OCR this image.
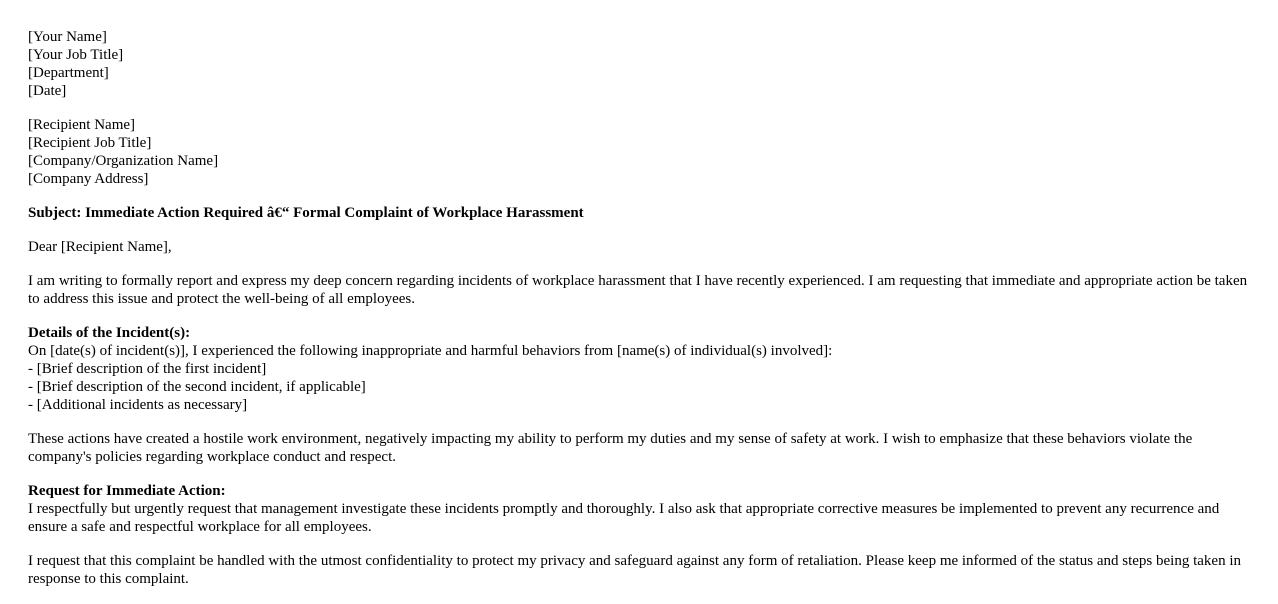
[Your Name]
[Your Job Title]
[Department]
[Date]
[Recipient Name]
[Recipient Job Title]
[Company/Organization Name]
[Company Address]
Subject: Immediate Action Required â€“ Formal Complaint of Workplace Harassment
Dear [Recipient Name],
I am writing to formally report and express my deep concern regarding incidents of workplace harassment that I have recently experienced. I am requesting that immediate and appropriate action be taken to address this issue and protect the well-being of all employees.
Details of the Incident(s):
On [date(s) of incident(s)], I experienced the following inappropriate and harmful behaviors from [name(s) of individual(s) involved]:
- [Brief description of the first incident]
- [Brief description of the second incident, if applicable]
- [Additional incidents as necessary]
These actions have created a hostile work environment, negatively impacting my ability to perform my duties and my sense of safety at work. I wish to emphasize that these behaviors violate the company's policies regarding workplace conduct and respect.
Request for Immediate Action:
I respectfully but urgently request that management investigate these incidents promptly and thoroughly. I also ask that appropriate corrective measures be implemented to prevent any recurrence and ensure a safe and respectful workplace for all employees.
I request that this complaint be handled with the utmost confidentiality to protect my privacy and safeguard against any form of retaliation. Please keep me informed of the status and steps being taken in response to this complaint.
